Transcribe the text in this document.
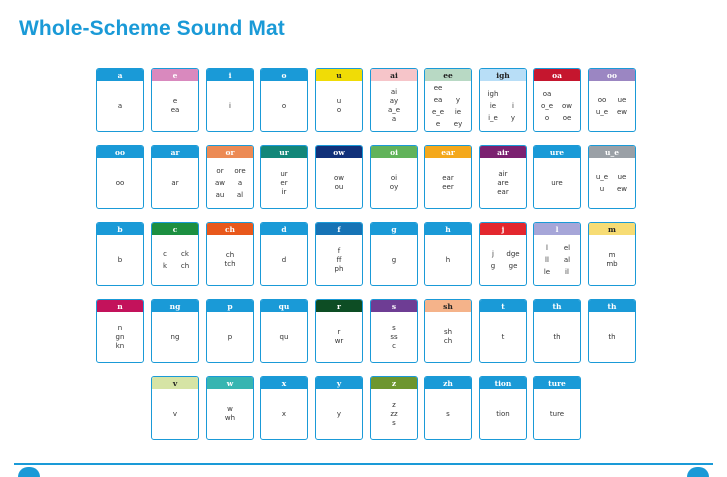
Whole-Scheme Sound Mat
a
a
e
e
ea
i
i
o
o
u
u
o
ai
ai
ay
a_e
a
ee
ee
ea	y
e_e	ie
e	ey
igh
igh
ie	i
i_e	y
oa
oa
o_e	ow
o	oe
oo
oo	ue
u_e	ew
oo
oo
ar
ar
or
or	ore
aw	a
au	al
ur
ur
er
ir
ow
ow
ou
oi
oi
oy
ear
ear
eer
air
air
are
ear
ure
ure
u_e
u_e	ue
u	ew
b
b
c
c	ck
k	ch
ch
ch
tch
d
d
f
f
ff
ph
g
g
h
h
j
j	dge
g	ge
l
l	el
ll	al
le	il
m
m
mb
n
n
gn
kn
ng
ng
p
p
qu
qu
r
r
wr
s
s
ss
c
sh
sh
ch
t
t
th
th
th
th
v
v
w
w
wh
x
x
y
y
z
z
zz
s
zh
s
tion
tion
ture
ture
